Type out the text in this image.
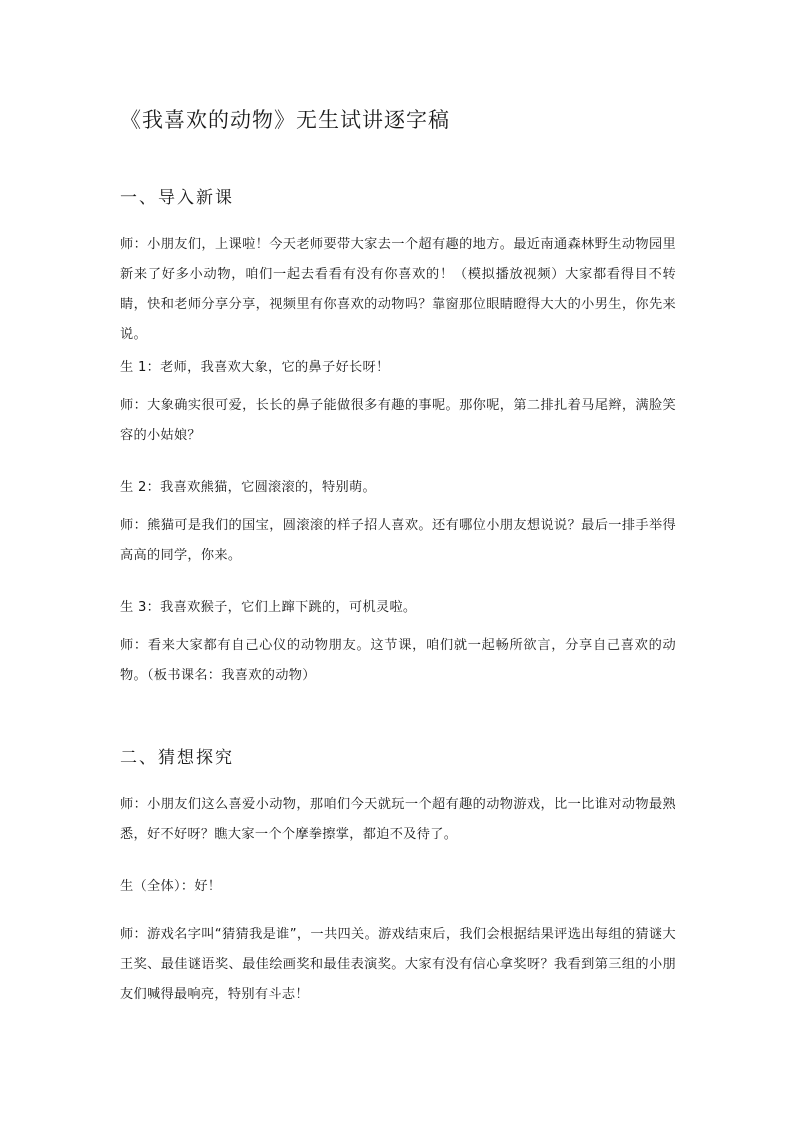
《我喜欢的动物》无生试讲逐字稿
一、导入新课
师：小朋友们，上课啦！今天老师要带大家去一个超有趣的地方。最近南通森林野生动物园里新来了好多小动物，咱们一起去看看有没有你喜欢的！（模拟播放视频）大家都看得目不转睛，快和老师分享分享，视频里有你喜欢的动物吗？靠窗那位眼睛瞪得大大的小男生，你先来说。
生 1：老师，我喜欢大象，它的鼻子好长呀！
师：大象确实很可爱，长长的鼻子能做很多有趣的事呢。那你呢，第二排扎着马尾辫，满脸笑容的小姑娘？
生 2：我喜欢熊猫，它圆滚滚的，特别萌。
师：熊猫可是我们的国宝，圆滚滚的样子招人喜欢。还有哪位小朋友想说说？最后一排手举得高高的同学，你来。
生 3：我喜欢猴子，它们上蹿下跳的，可机灵啦。
师：看来大家都有自己心仪的动物朋友。这节课，咱们就一起畅所欲言，分享自己喜欢的动物。（板书课名：我喜欢的动物）
二、猜想探究
师：小朋友们这么喜爱小动物，那咱们今天就玩一个超有趣的动物游戏，比一比谁对动物最熟悉，好不好呀？瞧大家一个个摩拳擦掌，都迫不及待了。
生（全体）：好！
师：游戏名字叫“猜猜我是谁”，一共四关。游戏结束后，我们会根据结果评选出每组的猜谜大王奖、最佳谜语奖、最佳绘画奖和最佳表演奖。大家有没有信心拿奖呀？我看到第三组的小朋友们喊得最响亮，特别有斗志！
